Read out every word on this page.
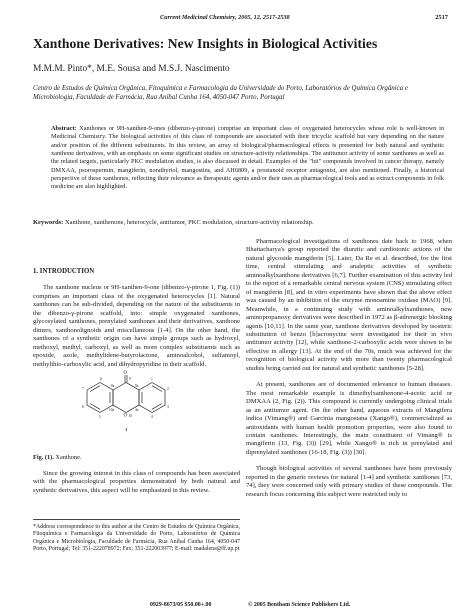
Current Medicinal Chemistry, 2005, 12, 2517-2538	2517
Xanthone Derivatives: New Insights in Biological Activities
M.M.M. Pinto*, M.E. Sousa and M.S.J. Nascimento
Centro de Estudos de Química Orgânica, Fitoquímica e Farmacologia da Universidade do Porto, Laboratórios de Química Orgânica e Microbiologia, Faculdade de Farmácia, Rua Aníbal Cunha 164, 4050-047 Porto, Portugal
Abstract: Xanthones or 9H-xanthen-9-ones (dibenzo-γ-pirone) comprise an important class of oxygenated heterocycles whose role is well-known in Medicinal Chemistry. The biological activities of this class of compounds are associated with their tricyclic scaffold but vary depending on the nature and/or position of the different substituents. In this review, an array of biological/pharmacological effects is presented for both natural and synthetic xanthone derivatives, with an emphasis on some significant studies on structure-activity relationships. The antitumor activity of some xanthones as well as the related targets, particularly PKC modulation studies, is also discussed in detail. Examples of the "hit" compounds involved in cancer therapy, namely DMXAA, psorospermin, mangiferin, norathyriol, mangostins, and AH6809, a prostanoid receptor antagonist, are also mentioned. Finally, a historical perspective of these xanthones, reflecting their relevance as therapeutic agents and/or their uses as pharmacological tools and as extract components in folk medicine are also highlighted.
Keywords: Xanthone, xanthenone, heterocycle, antitumor, PKC modulation, structure-activity relationship.
1. INTRODUCTION

The xanthone nucleus or 9H-xanthen-9-one (dibenzo-γ-pirone 1, Fig. (1)) comprises an important class of the oxygenated heterocycles [1]. Natural xanthones can be sub-divided, depending on the nature of the substituents in the dibenzo-γ-pirone scaffold, into: simple oxygenated xanthones, glycosylated xanthones, prenylated xanthones and their derivatives, xanthone dimers, xanthonolignoids and miscellaneous [1-4]. On the other hand, the xanthones of a synthetic origin can have simple groups such as hydroxyl, methoxyl, methyl, carboxyl, as well as more complex substituents such as epoxide, azole, methylidene-butyrolactone, aminoalcohol, sulfamoyl, methylthio-carboxylic acid, and dihydropyridine in their scaffold.

O
O
9
8
7
6
5
8a
10a
10
9a
4a
1
2
3
4
1
Fig. (1). Xanthone.

Since the growing interest in this class of compounds has been associated with the pharmacological properties demonstrated by both natural and synthetic derivatives, this aspect will be emphasized in this review.

*Address correspondence to this author at the Centro de Estudos de Química Orgânica, Fitoquímica e Farmacologia da Universidade do Porto, Laboratórios de Química Orgânica e Microbiologia, Faculdade de Farmácia, Rua Aníbal Cunha 164, 4050-047 Porto, Portugal; Tel: 351-222078972; Fax: 351-222003977; E-mail: madalena@ff.up.pt

Pharmacological investigations of xanthones date back to 1968, when Bhattacharya's group reported the diuretic and cardiotonic actions of the natural glycoside mangiferin [5]. Later, Da Re et al. described, for the first time, central stimulating and analeptic activities of synthetic aminoalkylxanthone derivatives [6,7]. Further examination of this activity led to the report of a remarkable central nervous system (CNS) stimulating effect of mangiferin [8], and in vitro experiments have shown that the above effect was caused by an inhibition of the enzyme monoamine oxidase (MAO) [9]. Meanwhile, in a continuing study with aminoalkylxanthones, new aminopropanoxy derivatives were described in 1972 as β-adrenergic blocking agents [10,11]. In the same year, xanthone derivatives developed by isosteric substitution of benzo [b]acronycine were investigated for their in vivo antitumor activity [12], while xanthone-2-carboxylic acids were shown to be effective in allergy [13]. At the end of the 70s, much was achieved for the recognition of biological activity with more than twenty pharmacological studies being carried out for natural and synthetic xanthones [5-28].

At present, xanthones are of documented relevance to human diseases. The most remarkable example is dimethylxanthenone-4-acetic acid or DMXAA (2, Fig. (2)). This compound is currently undergoing clinical trials as an antitumor agent. On the other hand, aqueous extracts of Mangifera indica (Vimang®) and Garcinia mangostana (Xango®), commercialized as antioxidants with human health promotion properties, were also found to contain xanthones. Interestingly, the main constituent of Vimang® is mangiferin (13, Fig. (3)) [29], while Xango® is rich in prenylated and diprenylated xanthones (16-18, Fig. (3)) [30].

Though biological activities of several xanthones have been previously reported in the generic reviews for natural [1-4] and synthetic xanthones [73, 74], they were concerned only with primary studies of these compounds. The research focus concerning this subject were restricted only to

0929-8673/05 $50.00+.00	© 2005 Bentham Science Publishers Ltd.
